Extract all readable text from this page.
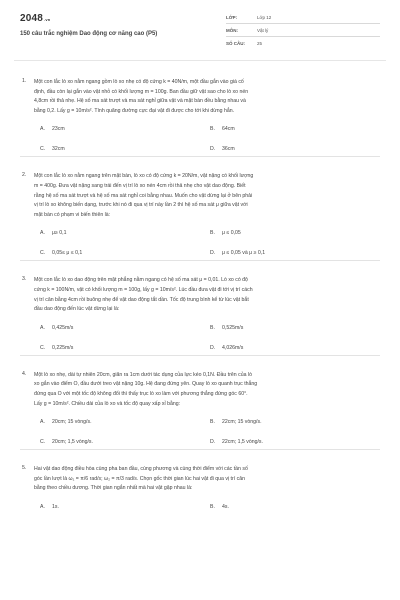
2048.vn
150 câu trắc nghiệm Dao động cơ năng cao (P5)
LỚP:	Lớp 12
MÔN:	Vật lý
SỐ CÂU:	25
1. Một con lắc lò xo nằm ngang gồm lò xo nhẹ có độ cứng k = 40N/m, một đầu gắn vào giá cố
định, đầu còn lại gắn vào vật nhỏ có khối lượng m = 100g. Ban đầu giữ vật sao cho lò xo nén
4,8cm rồi thả nhẹ. Hệ số ma sát trượt và ma sát nghỉ giữa vật và mặt bàn đều bằng nhau và
bằng 0,2. Lấy g = 10m/s². Tính quãng đường cực đại vật đi được cho tới khi dừng hẳn.
A. 23cm	B. 64cm
C. 32cm	D. 36cm
2. Một con lắc lò xo nằm ngang trên mặt bàn, lò xo có độ cứng k = 20N/m, vật nặng có khối lượng
m = 400g. Đưa vật nặng sang trái đến vị trí lò xo nén 4cm rồi thả nhẹ cho vật dao động. Biết
rằng hệ số ma sát trượt và hệ số ma sát nghỉ coi bằng nhau. Muốn cho vật dừng lại ở bên phải
vị trí lò xo không biến dạng, trước khi nó đi qua vị trí này lần 2 thì hệ số ma sát μ giữa vật với
mặt bàn có phạm vi biến thiên là:
A. μ≥ 0,1	B. μ ≤ 0,05
C. 0,05≤ μ ≤ 0,1	D. μ ≤ 0,05 và μ ≥ 0,1
3. Một con lắc lò xo dao động trên mặt phẳng nằm ngang có hệ số ma sát μ = 0,01. Lò xo có độ
cứng k = 100N/m, vật có khối lượng m = 100g, lấy g = 10m/s². Lúc đầu đưa vật đi tới vị trí cách
vị trí cân bằng 4cm rồi buông nhẹ để vật dao động tắt dần. Tốc độ trung bình kể từ lúc vật bắt
đầu dao động đến lúc vật dừng lại là:
A. 0,425m/s	B. 0,525m/s
C. 0,225m/s	D. 4,026m/s
4. Một lò xo nhẹ, dài tự nhiên 20cm, giãn ra 1cm dưới tác dụng của lực kéo 0,1N. Đầu trên của lò
xo gắn vào điểm O, đầu dưới treo vật nặng 10g. Hệ đang đứng yên. Quay lò xo quanh trục thẳng
đứng qua O với một tốc độ không đổi thì thấy trục lò xo làm với phương thẳng đứng góc 60°.
Lấy g = 10m/s². Chiều dài của lò xo và tốc độ quay xấp xỉ bằng:
A. 20cm; 15 vòng/s.	B. 22cm; 15 vòng/s.
C. 20cm; 1,5 vòng/s.	D. 22cm; 1,5 vòng/s.
5. Hai vật dao động điều hòa cùng pha ban đầu, cùng phương và cùng thời điểm với các tần số
góc lần lượt là ω₁ = π/6 rad/s; ω₂ = π/3 rad/s. Chọn gốc thời gian lúc hai vật đi qua vị trí cân
bằng theo chiều dương. Thời gian ngắn nhất mà hai vật gặp nhau là:
A. 1s.	B. 4s.
